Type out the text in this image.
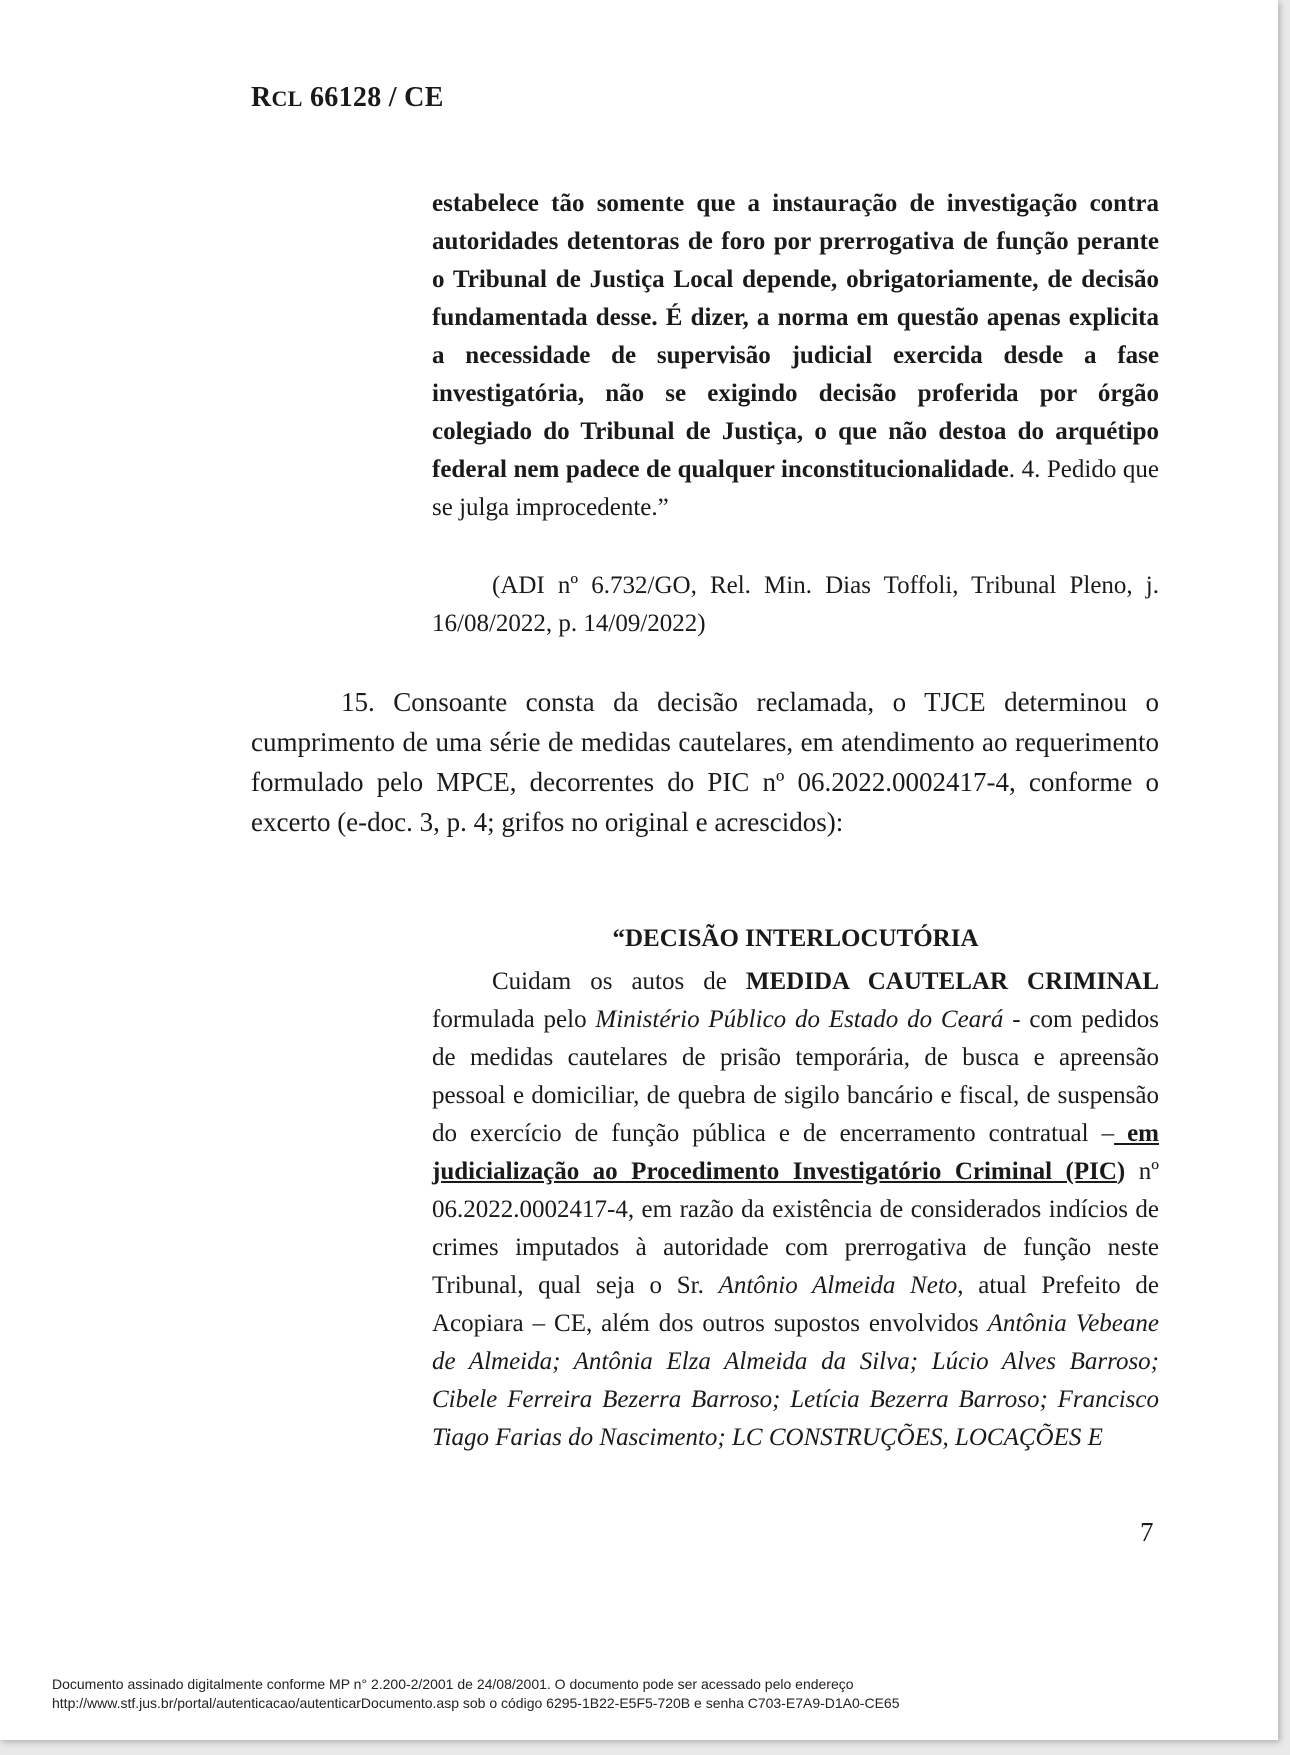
RCL 66128 / CE
estabelece tão somente que a instauração de investigação contra autoridades detentoras de foro por prerrogativa de função perante o Tribunal de Justiça Local depende, obrigatoriamente, de decisão fundamentada desse. É dizer, a norma em questão apenas explicita a necessidade de supervisão judicial exercida desde a fase investigatória, não se exigindo decisão proferida por órgão colegiado do Tribunal de Justiça, o que não destoa do arquétipo federal nem padece de qualquer inconstitucionalidade. 4. Pedido que se julga improcedente.”
(ADI nº 6.732/GO, Rel. Min. Dias Toffoli, Tribunal Pleno, j. 16/08/2022, p. 14/09/2022)
15. Consoante consta da decisão reclamada, o TJCE determinou o cumprimento de uma série de medidas cautelares, em atendimento ao requerimento formulado pelo MPCE, decorrentes do PIC nº 06.2022.0002417-4, conforme o excerto (e-doc. 3, p. 4; grifos no original e acrescidos):
“DECISÃO INTERLOCUTÓRIA
Cuidam os autos de MEDIDA CAUTELAR CRIMINAL formulada pelo Ministério Público do Estado do Ceará - com pedidos de medidas cautelares de prisão temporária, de busca e apreensão pessoal e domiciliar, de quebra de sigilo bancário e fiscal, de suspensão do exercício de função pública e de encerramento contratual – em judicialização ao Procedimento Investigatório Criminal (PIC) nº 06.2022.0002417-4, em razão da existência de considerados indícios de crimes imputados à autoridade com prerrogativa de função neste Tribunal, qual seja o Sr. Antônio Almeida Neto, atual Prefeito de Acopiara – CE, além dos outros supostos envolvidos Antônia Vebeane de Almeida; Antônia Elza Almeida da Silva; Lúcio Alves Barroso; Cibele Ferreira Bezerra Barroso; Letícia Bezerra Barroso; Francisco Tiago Farias do Nascimento; LC CONSTRUÇÕES, LOCAÇÕES E
7
Documento assinado digitalmente conforme MP n° 2.200-2/2001 de 24/08/2001. O documento pode ser acessado pelo endereço
http://www.stf.jus.br/portal/autenticacao/autenticarDocumento.asp sob o código 6295-1B22-E5F5-720B e senha C703-E7A9-D1A0-CE65
